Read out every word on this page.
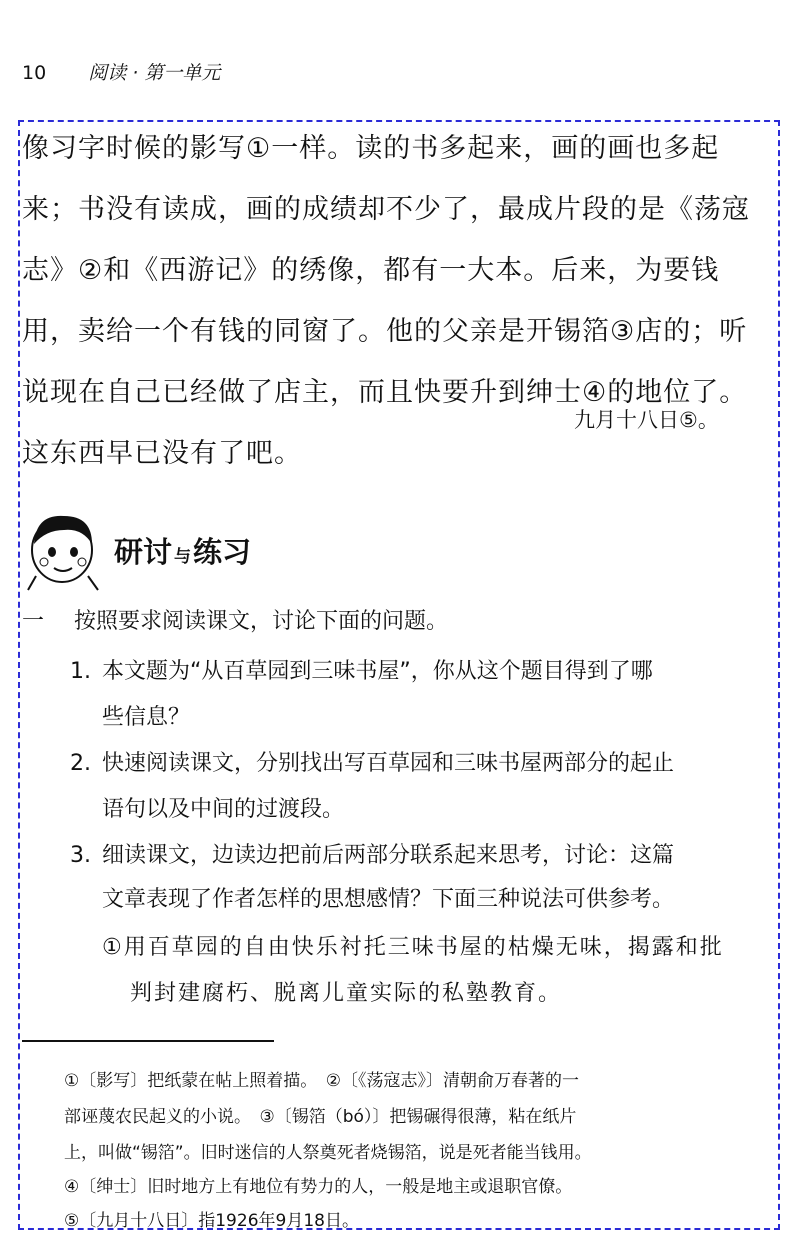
10 阅读 · 第一单元
像习字时候的影写①一样。读的书多起来，画的画也多起
来；书没有读成，画的成绩却不少了，最成片段的是《荡寇
志》②和《西游记》的绣像，都有一大本。后来，为要钱
用，卖给一个有钱的同窗了。他的父亲是开锡箔③店的；听
说现在自己已经做了店主，而且快要升到绅士④的地位了。
这东西早已没有了吧。
九月十八日⑤。
研讨 与练习
一 按照要求阅读课文，讨论下面的问题。
1. 本文题为“从百草园到三味书屋”，你从这个题目得到了哪
些信息？
2. 快速阅读课文，分别找出写百草园和三味书屋两部分的起止
语句以及中间的过渡段。
3. 细读课文，边读边把前后两部分联系起来思考，讨论：这篇
文章表现了作者怎样的思想感情？下面三种说法可供参考。
①用百草园的自由快乐衬托三味书屋的枯燥无味，揭露和批
判封建腐朽、脱离儿童实际的私塾教育。
①〔影写〕把纸蒙在帖上照着描。　②〔《荡寇志》〕清朝俞万春著的一
部诬蔑农民起义的小说。　③〔锡箔（bó）〕把锡碾得很薄，粘在纸片
上，叫做“锡箔”。旧时迷信的人祭奠死者烧锡箔，说是死者能当钱用。
④〔绅士〕旧时地方上有地位有势力的人，一般是地主或退职官僚。
⑤〔九月十八日〕指1926年9月18日。
